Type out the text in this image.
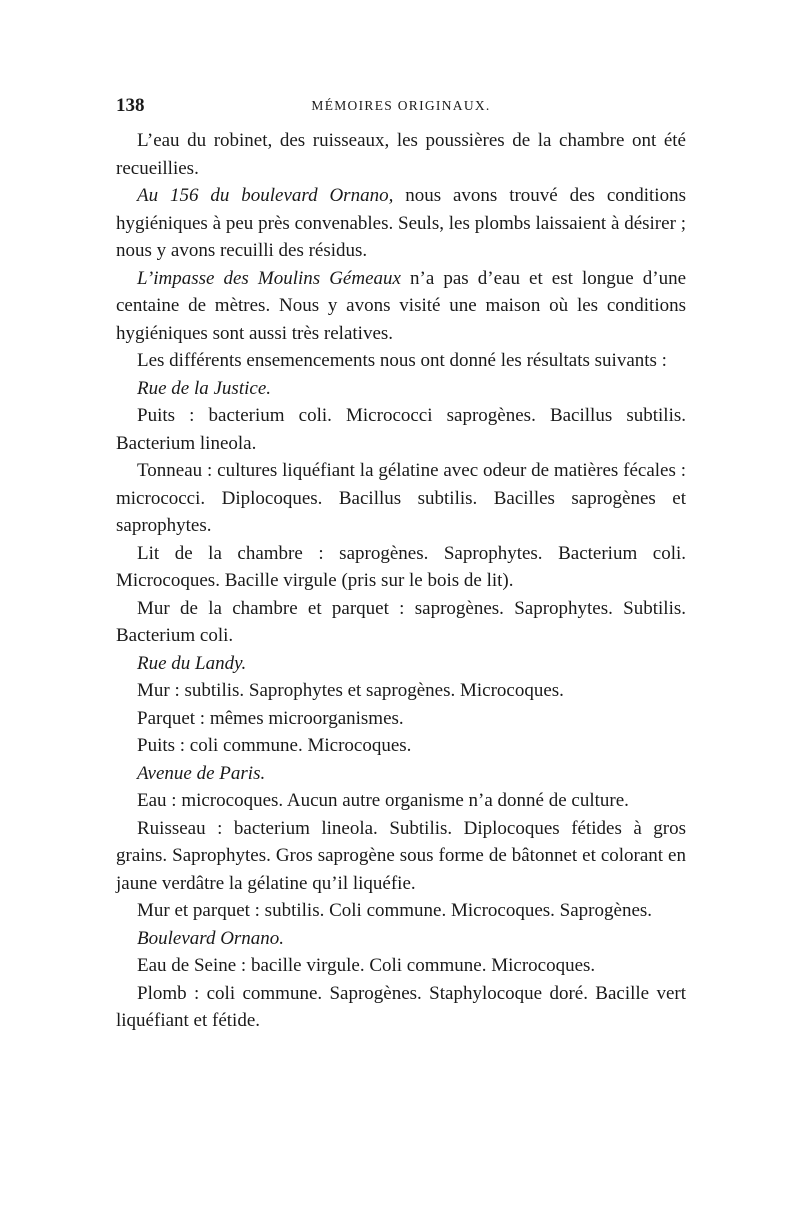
138	MÉMOIRES ORIGINAUX.

L’eau du robinet, des ruisseaux, les poussières de la chambre ont été recueillies.

Au 156 du boulevard Ornano, nous avons trouvé des conditions hygiéniques à peu près convenables. Seuls, les plombs laissaient à désirer ; nous y avons recuilli des résidus.

L’impasse des Moulins Gémeaux n’a pas d’eau et est longue d’une centaine de mètres. Nous y avons visité une maison où les conditions hygiéniques sont aussi très relatives.

Les différents ensemencements nous ont donné les résultats suivants :

Rue de la Justice.

Puits : bacterium coli. Micrococci saprogènes. Bacillus subtilis. Bacterium lineola.

Tonneau : cultures liquéfiant la gélatine avec odeur de matières fécales : micrococci. Diplocoques. Bacillus subtilis. Bacilles saprogènes et saprophytes.

Lit de la chambre : saprogènes. Saprophytes. Bacterium coli. Microcoques. Bacille virgule (pris sur le bois de lit).

Mur de la chambre et parquet : saprogènes. Saprophytes. Subtilis. Bacterium coli.

Rue du Landy.

Mur : subtilis. Saprophytes et saprogènes. Microcoques.

Parquet : mêmes microorganismes.

Puits : coli commune. Microcoques.

Avenue de Paris.

Eau : microcoques. Aucun autre organisme n’a donné de culture.

Ruisseau : bacterium lineola. Subtilis. Diplocoques fétides à gros grains. Saprophytes. Gros saprogène sous forme de bâtonnet et colorant en jaune verdâtre la gélatine qu’il liquéfie.

Mur et parquet : subtilis. Coli commune. Microcoques. Saprogènes.

Boulevard Ornano.

Eau de Seine : bacille virgule. Coli commune. Microcoques.

Plomb : coli commune. Saprogènes. Staphylocoque doré. Bacille vert liquéfiant et fétide.
